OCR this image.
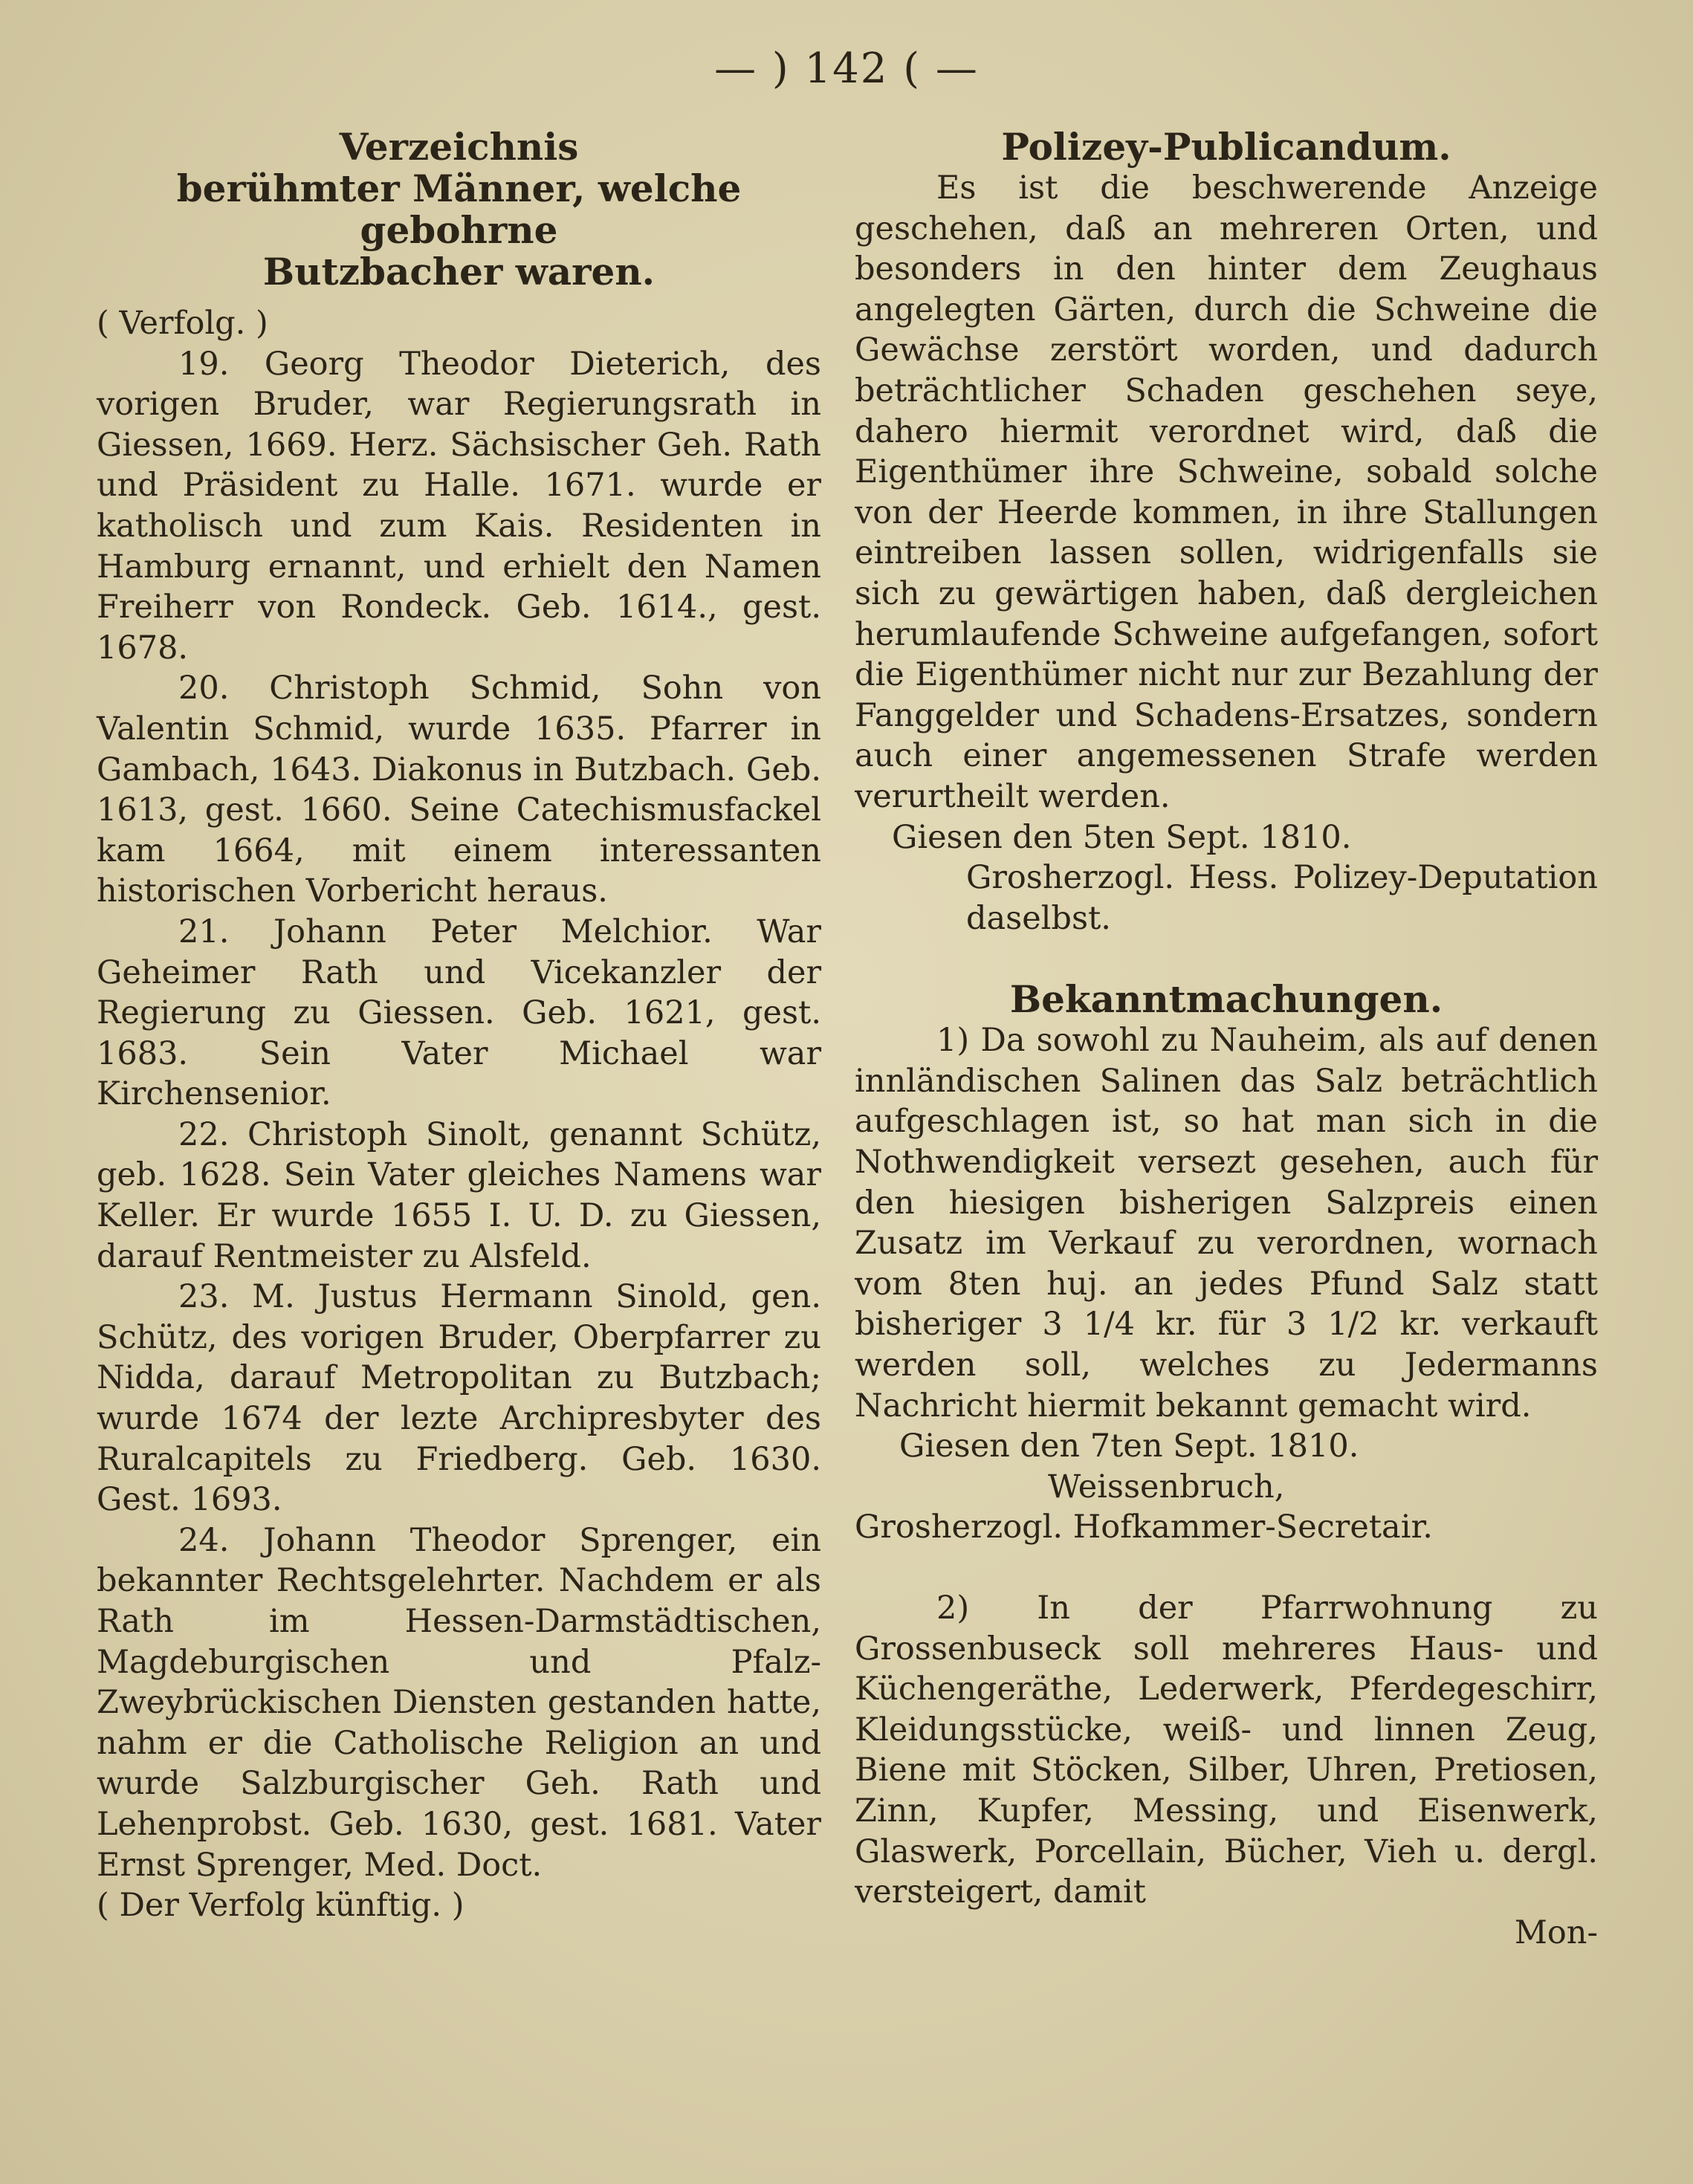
— ) 142 ( —

Verzeichnis

berühmter Männer, welche gebohrne

Butzbacher waren.

( Verfolg. )

19. Georg Theodor Dieterich, des vorigen Bruder, war Regierungsrath in Giessen, 1669. Herz. Sächsischer Geh. Rath und Präsident zu Halle. 1671. wurde er katholisch und zum Kais. Residenten in Hamburg ernannt, und erhielt den Namen Freiherr von Rondeck. Geb. 1614., gest. 1678.

20. Christoph Schmid, Sohn von Valentin Schmid, wurde 1635. Pfarrer in Gambach, 1643. Diakonus in Butzbach. Geb. 1613, gest. 1660. Seine Catechismusfackel kam 1664, mit einem interessanten historischen Vorbericht heraus.

21. Johann Peter Melchior. War Geheimer Rath und Vicekanzler der Regierung zu Giessen. Geb. 1621, gest. 1683. Sein Vater Michael war Kirchensenior.

22. Christoph Sinolt, genannt Schütz, geb. 1628. Sein Vater gleiches Namens war Keller. Er wurde 1655 I. U. D. zu Giessen, darauf Rentmeister zu Alsfeld.

23. M. Justus Hermann Sinold, gen. Schütz, des vorigen Bruder, Oberpfarrer zu Nidda, darauf Metropolitan zu Butzbach; wurde 1674 der lezte Archipresbyter des Ruralcapitels zu Friedberg. Geb. 1630. Gest. 1693.

24. Johann Theodor Sprenger, ein bekannter Rechtsgelehrter. Nachdem er als Rath im Hessen-Darmstädtischen, Magdeburgischen und Pfalz-Zweybrückischen Diensten gestanden hatte, nahm er die Catholische Religion an und wurde Salzburgischer Geh. Rath und Lehenprobst. Geb. 1630, gest. 1681. Vater Ernst Sprenger, Med. Doct.

( Der Verfolg künftig. )

Polizey-Publicandum.

Es ist die beschwerende Anzeige geschehen, daß an mehreren Orten, und besonders in den hinter dem Zeughaus angelegten Gärten, durch die Schweine die Gewächse zerstört worden, und dadurch beträchtlicher Schaden geschehen seye, dahero hiermit verordnet wird, daß die Eigenthümer ihre Schweine, sobald solche von der Heerde kommen, in ihre Stallungen eintreiben lassen sollen, widrigenfalls sie sich zu gewärtigen haben, daß dergleichen herumlaufende Schweine aufgefangen, sofort die Eigenthümer nicht nur zur Bezahlung der Fanggelder und Schadens-Ersatzes, sondern auch einer angemessenen Strafe werden verurtheilt werden.

Giesen den 5ten Sept. 1810.

Grosherzogl. Hess. Polizey-Deputation daselbst.

Bekanntmachungen.

1) Da sowohl zu Nauheim, als auf denen innländischen Salinen das Salz beträchtlich aufgeschlagen ist, so hat man sich in die Nothwendigkeit versezt gesehen, auch für den hiesigen bisherigen Salzpreis einen Zusatz im Verkauf zu verordnen, wornach vom 8ten huj. an jedes Pfund Salz statt bisheriger 3 1/4 kr. für 3 1/2 kr. verkauft werden soll, welches zu Jedermanns Nachricht hiermit bekannt gemacht wird.

Giesen den 7ten Sept. 1810.

Weissenbruch,

Grosherzogl. Hofkammer-Secretair.

2) In der Pfarrwohnung zu Grossenbuseck soll mehreres Haus- und Küchengeräthe, Lederwerk, Pferdegeschirr, Kleidungsstücke, weiß- und linnen Zeug, Biene mit Stöcken, Silber, Uhren, Pretiosen, Zinn, Kupfer, Messing, und Eisenwerk, Glaswerk, Porcellain, Bücher, Vieh u. dergl. versteigert, damit

Mon-
